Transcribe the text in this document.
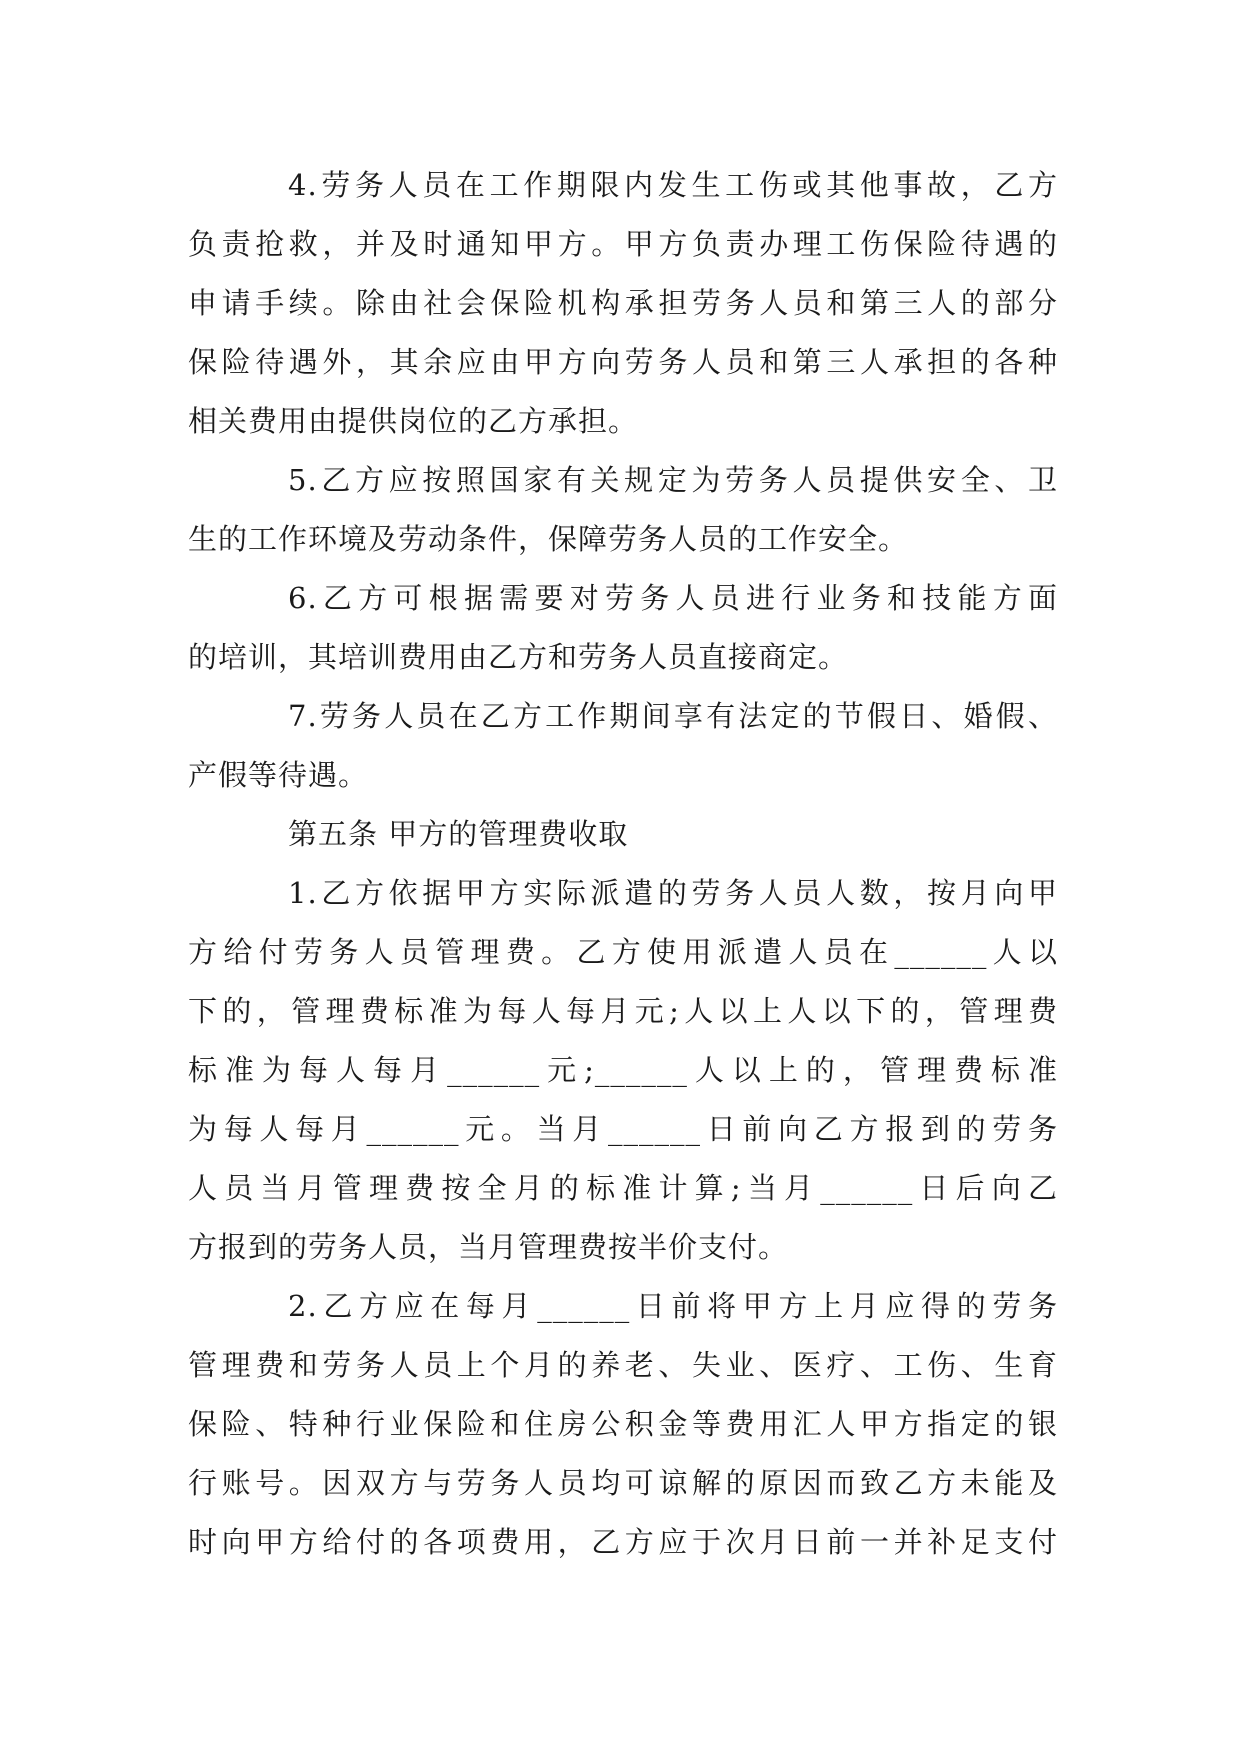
4.劳务人员在工作期限内发生工伤或其他事故，乙方
负责抢救，并及时通知甲方。甲方负责办理工伤保险待遇的
申请手续。除由社会保险机构承担劳务人员和第三人的部分
保险待遇外，其余应由甲方向劳务人员和第三人承担的各种
相关费用由提供岗位的乙方承担。
5.乙方应按照国家有关规定为劳务人员提供安全、卫
生的工作环境及劳动条件，保障劳务人员的工作安全。
6.乙方可根据需要对劳务人员进行业务和技能方面
的培训，其培训费用由乙方和劳务人员直接商定。
7.劳务人员在乙方工作期间享有法定的节假日、婚假、
产假等待遇。
第五条 甲方的管理费收取
1.乙方依据甲方实际派遣的劳务人员人数，按月向甲
方给付劳务人员管理费。乙方使用派遣人员在______人以
下的，管理费标准为每人每月元;人以上人以下的，管理费
标准为每人每月______元;______人以上的，管理费标准
为每人每月______元。当月______日前向乙方报到的劳务
人员当月管理费按全月的标准计算;当月______日后向乙
方报到的劳务人员，当月管理费按半价支付。
2.乙方应在每月______日前将甲方上月应得的劳务
管理费和劳务人员上个月的养老、失业、医疗、工伤、生育
保险、特种行业保险和住房公积金等费用汇人甲方指定的银
行账号。因双方与劳务人员均可谅解的原因而致乙方未能及
时向甲方给付的各项费用，乙方应于次月日前一并补足支付
